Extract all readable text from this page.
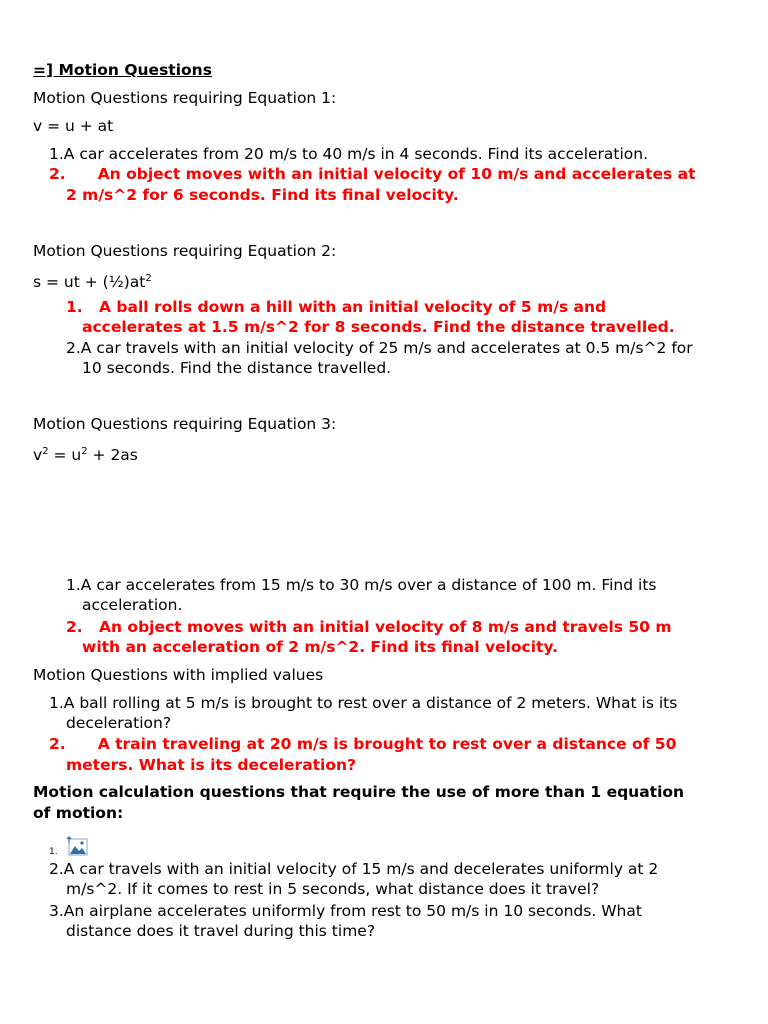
=] Motion Questions

Motion Questions requiring Equation 1:

v = u + at

1.A car accelerates from 20 m/s to 40 m/s in 4 seconds. Find its acceleration.

2. An object moves with an initial velocity of 10 m/s and accelerates at

2 m/s^2 for 6 seconds. Find its final velocity.

Motion Questions requiring Equation 2:

s = ut + $(\frac{1}{2})at^2$

1. A ball rolls down a hill with an initial velocity of 5 m/s and

accelerates at 1.5 m/s^2 for 8 seconds. Find the distance travelled.

2.A car travels with an initial velocity of 25 m/s and accelerates at 0.5 m/s^2 for

10 seconds. Find the distance travelled.

Motion Questions requiring Equation 3:

$v^2 = u^2 + 2as$

1.A car accelerates from 15 m/s to 30 m/s over a distance of 100 m. Find its

acceleration.

2. An object moves with an initial velocity of 8 m/s and travels 50 m

with an acceleration of 2 m/s^2. Find its final velocity.

Motion Questions with implied values

1.A ball rolling at 5 m/s is brought to rest over a distance of 2 meters. What is its

deceleration?

2. A train traveling at 20 m/s is brought to rest over a distance of 50

meters. What is its deceleration?

Motion calculation questions that require the use of more than 1 equation

of motion:

1.

2.A car travels with an initial velocity of 15 m/s and decelerates uniformly at 2

m/s^2. If it comes to rest in 5 seconds, what distance does it travel?

3.An airplane accelerates uniformly from rest to 50 m/s in 10 seconds. What

distance does it travel during this time?
